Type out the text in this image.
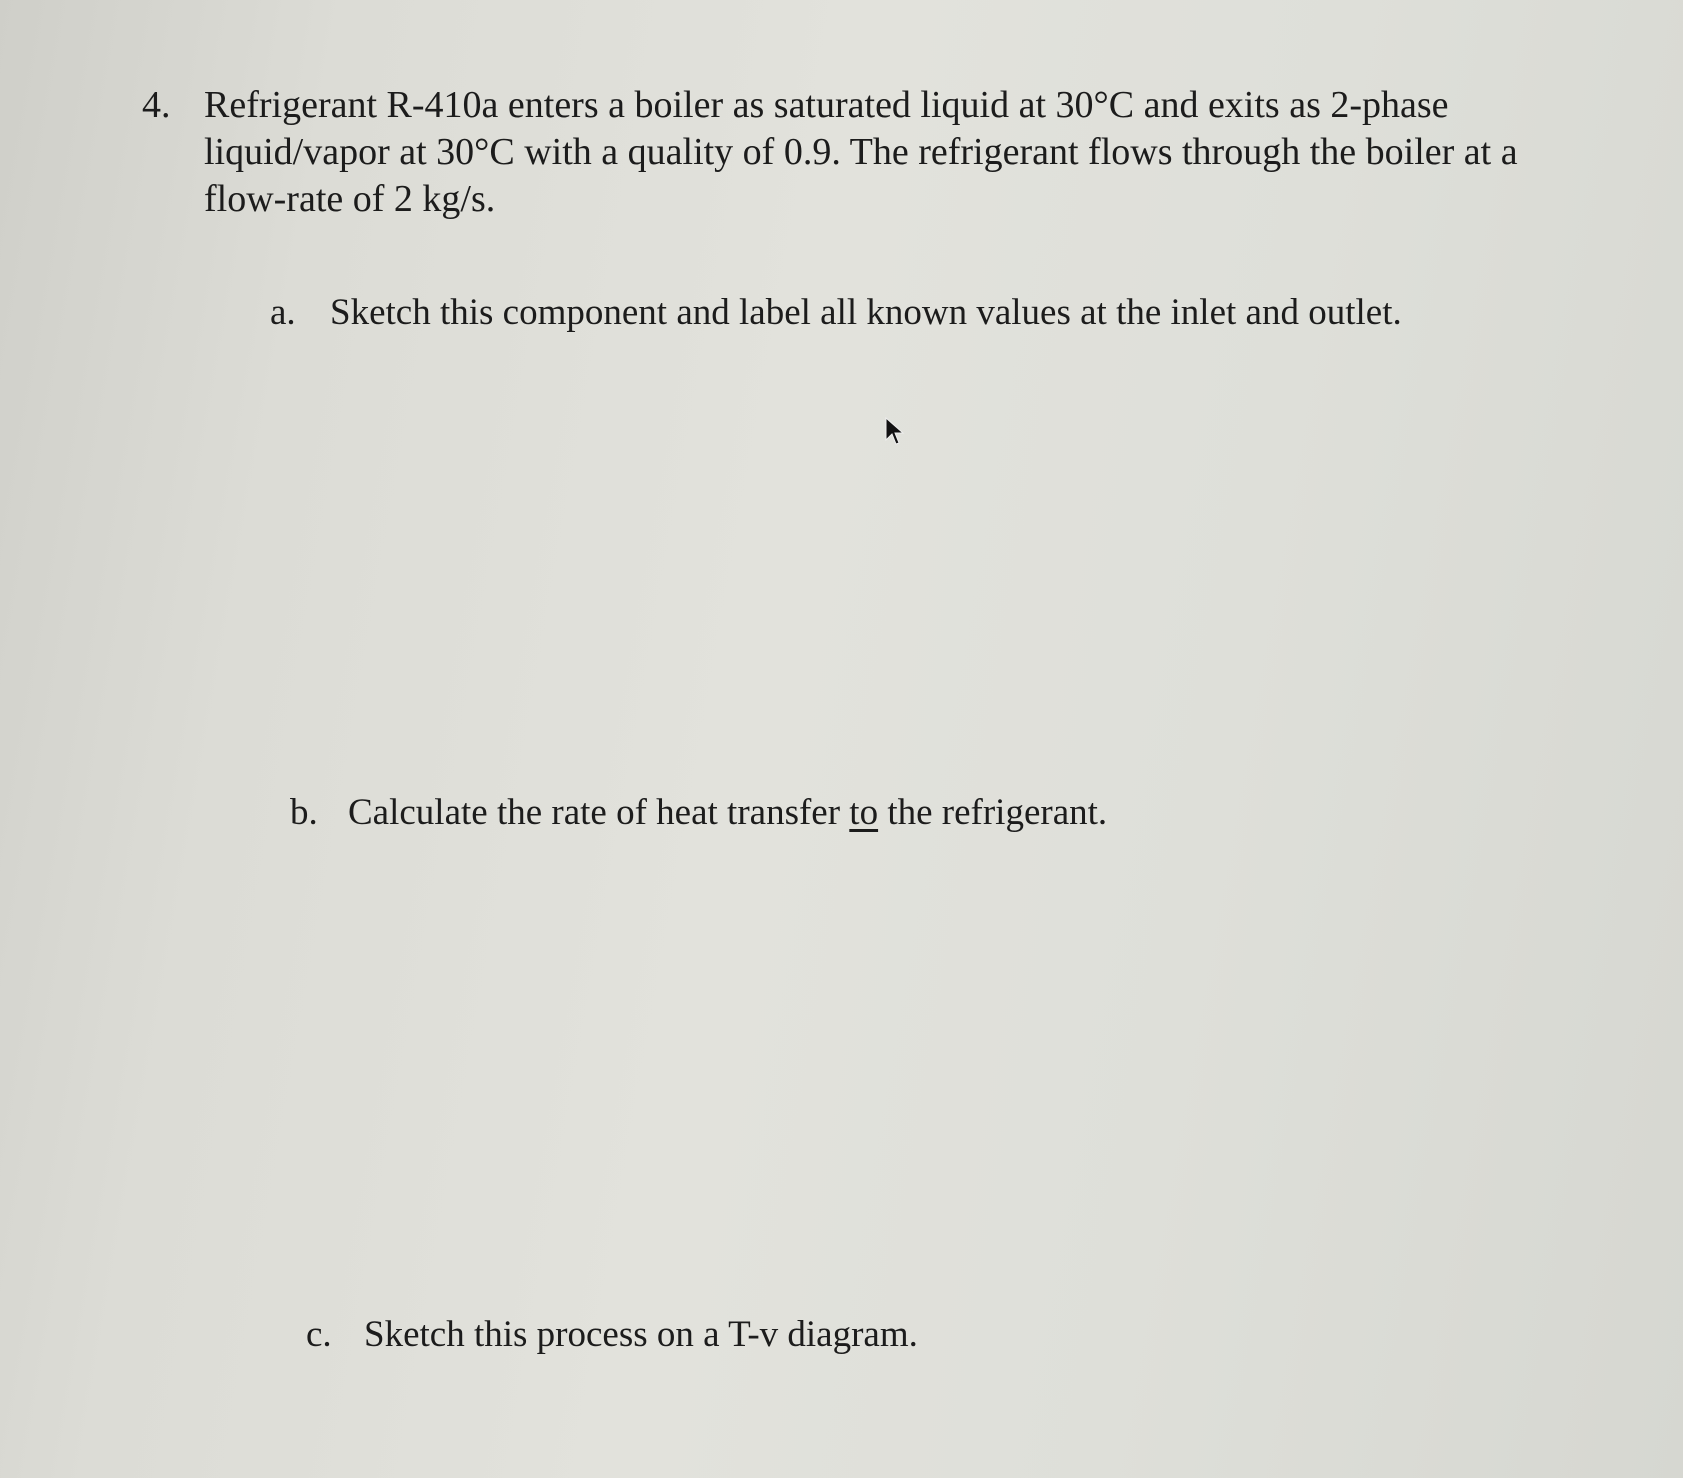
4. Refrigerant R-410a enters a boiler as saturated liquid at 30°C and exits as 2-phase liquid/vapor at 30°C with a quality of 0.9. The refrigerant flows through the boiler at a flow-rate of 2 kg/s.
a. Sketch this component and label all known values at the inlet and outlet.
b. Calculate the rate of heat transfer to the refrigerant.
c. Sketch this process on a T-v diagram.
